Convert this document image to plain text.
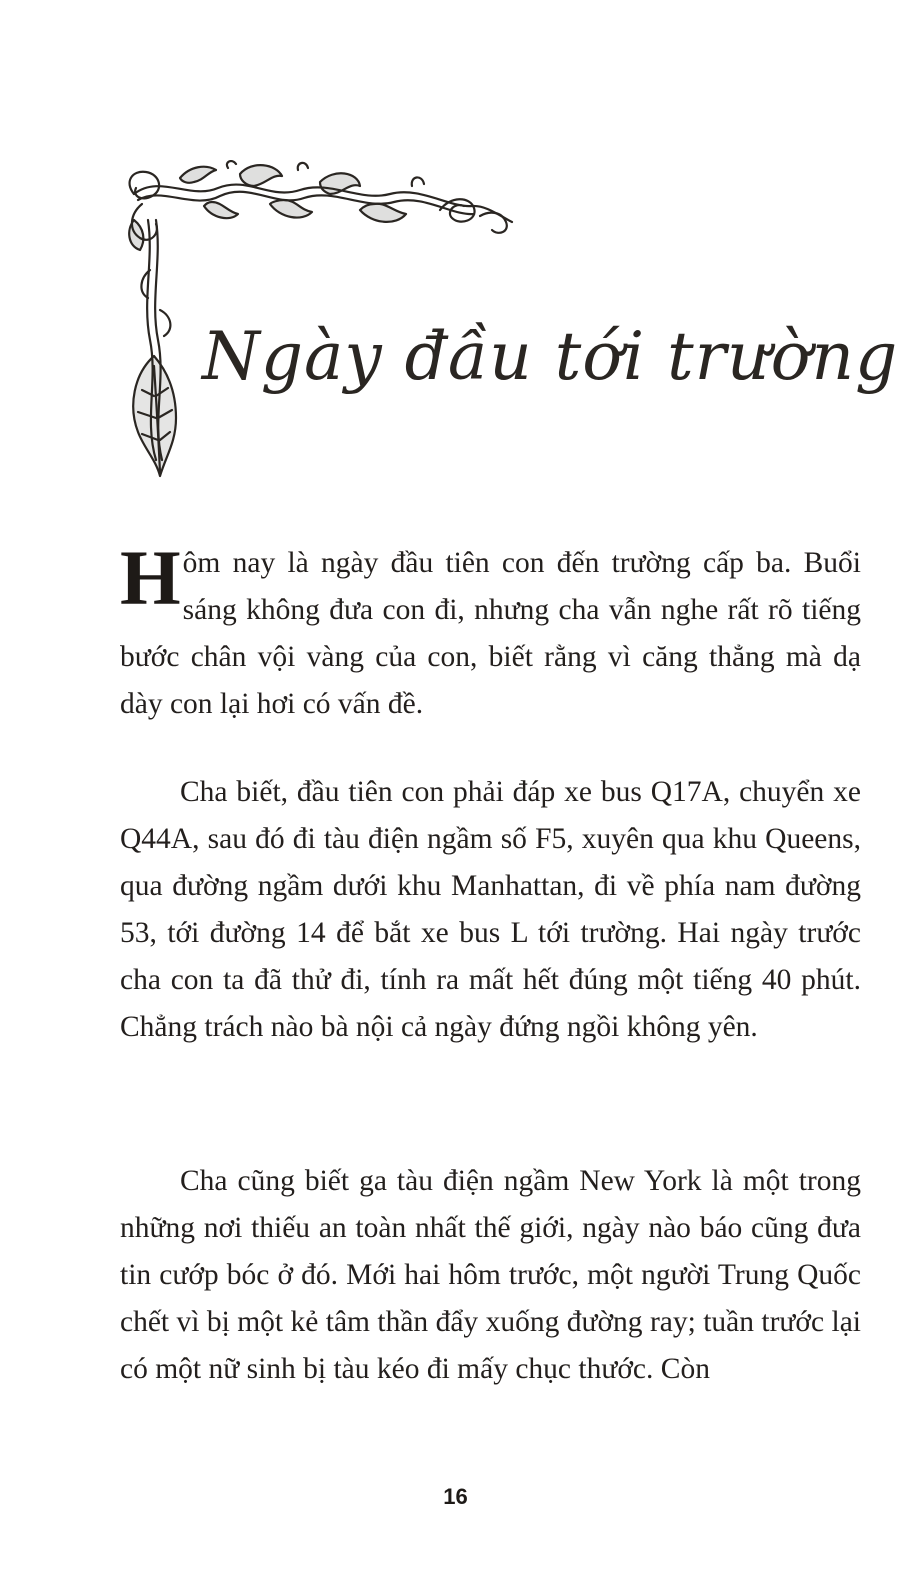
Ngày đầu tới trường

Hôm nay là ngày đầu tiên con đến trường cấp ba. Buổi sáng không đưa con đi, nhưng cha vẫn nghe rất rõ tiếng bước chân vội vàng của con, biết rằng vì căng thẳng mà dạ dày con lại hơi có vấn đề.

Cha biết, đầu tiên con phải đáp xe bus Q17A, chuyển xe Q44A, sau đó đi tàu điện ngầm số F5, xuyên qua khu Queens, qua đường ngầm dưới khu Manhattan, đi về phía nam đường 53, tới đường 14 để bắt xe bus L tới trường. Hai ngày trước cha con ta đã thử đi, tính ra mất hết đúng một tiếng 40 phút. Chẳng trách nào bà nội cả ngày đứng ngồi không yên.

Cha cũng biết ga tàu điện ngầm New York là một trong những nơi thiếu an toàn nhất thế giới, ngày nào báo cũng đưa tin cướp bóc ở đó. Mới hai hôm trước, một người Trung Quốc chết vì bị một kẻ tâm thần đẩy xuống đường ray; tuần trước lại có một nữ sinh bị tàu kéo đi mấy chục thước. Còn

16
